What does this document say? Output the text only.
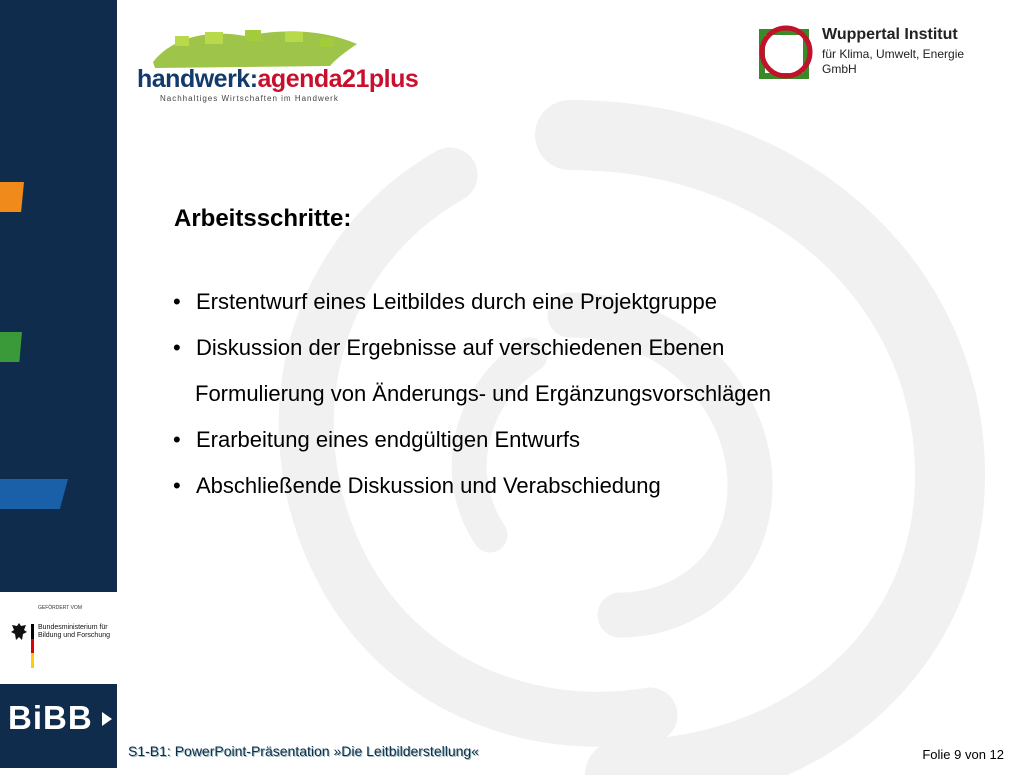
GEFÖRDERT VOM
Bundesministerium für Bildung und Forschung
BiBB
handwerk:agenda21plus
Nachhaltiges Wirtschaften im Handwerk
Wuppertal Institut
für Klima, Umwelt, Energie
GmbH
Arbeitsschritte:
• Erstentwurf eines Leitbildes durch eine Projektgruppe
• Diskussion der Ergebnisse auf verschiedenen Ebenen
Formulierung von Änderungs- und Ergänzungsvorschlägen
• Erarbeitung eines endgültigen Entwurfs
• Abschließende Diskussion und Verabschiedung
S1-B1: PowerPoint-Präsentation »Die Leitbilderstellung«	Folie 9 von 12
